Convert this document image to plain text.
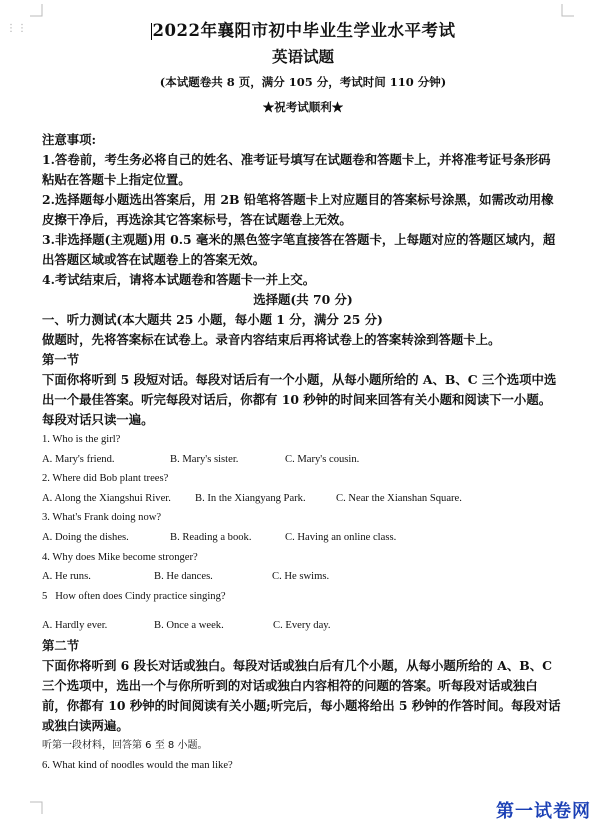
⋮⋮	2022年襄阳市初中毕业生学业水平考试
英语试题
(本试题卷共 8 页，满分 105 分，考试时间 110 分钟)
★祝考试顺利★
注意事项:
1.答卷前，考生务必将自己的姓名、准考证号填写在试题卷和答题卡上，并将准考证号条形码
粘贴在答题卡上指定位置。
2.选择题每小题选出答案后，用 2B 铅笔将答题卡上对应题目的答案标号涂黑，如需改动用橡
皮擦干净后，再选涂其它答案标号，答在试题卷上无效。
3.非选择题(主观题)用 0.5 毫米的黑色签字笔直接答在答题卡，上每题对应的答题区域内，超
出答题区域或答在试题卷上的答案无效。
4.考试结束后，请将本试题卷和答题卡一并上交。
选择题(共 70 分)
一、听力测试(本大题共 25 小题，每小题 1 分，满分 25 分)
做题时，先将答案标在试卷上。录音内容结束后再将试卷上的答案转涂到答题卡上。
第一节
下面你将听到 5 段短对话。每段对话后有一个小题，从每小题所给的 A、B、C 三个选项中选
出一个最佳答案。听完每段对话后，你都有 10 秒钟的时间来回答有关小题和阅读下一小题。
每段对话只读一遍。
1. Who is the girl?
A. Mary's friend.	B. Mary's sister.	C. Mary's cousin.
2. Where did Bob plant trees?
A. Along the Xiangshui River.	B. In the Xiangyang Park.	C. Near the Xianshan Square.
3. What's Frank doing now?
A. Doing the dishes.	B. Reading a book.	C. Having an online class.
4. Why does Mike become stronger?
A. He runs.	B. He dances.	C. He swims.
5   How often does Cindy practice singing?
A. Hardly ever.	B. Once a week.	C. Every day.
第二节
下面你将听到 6 段长对话或独白。每段对话或独白后有几个小题，从每小题所给的 A、B、C
三个选项中，选出一个与你所听到的对话或独白内容相符的问题的答案。听每段对话或独白
前，你都有 10 秒钟的时间阅读有关小题;听完后，每小题将给出 5 秒钟的作答时间。每段对话
或独白读两遍。
听第一段材料，回答第 6 至 8 小题。
6. What kind of noodles would the man like?
第一试卷网
